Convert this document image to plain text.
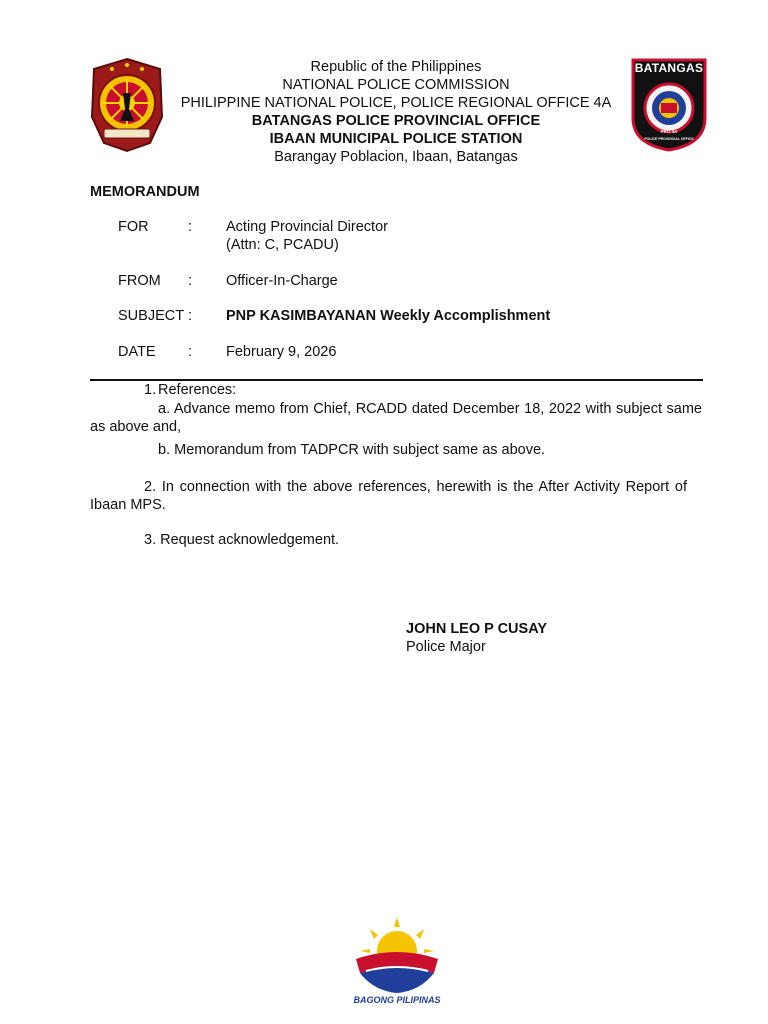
Republic of the Philippines
NATIONAL POLICE COMMISSION
PHILIPPINE NATIONAL POLICE, POLICE REGIONAL OFFICE 4A
BATANGAS POLICE PROVINCIAL OFFICE
IBAAN MUNICIPAL POLICE STATION
Barangay Poblacion, Ibaan, Batangas
BATANGAS
PRO 4A
POLICE PROVINCIAL OFFICE
MEMORANDUM
FOR	: Acting Provincial Director
(Attn: C, PCADU)
FROM : Officer-In-Charge
SUBJECT : PNP KASIMBAYANAN Weekly Accomplishment
DATE : February 9, 2026
1. References:
a. Advance memo from Chief, RCADD dated December 18, 2022 with subject same as above and,
b. Memorandum from TADPCR with subject same as above.
2. In connection with the above references, herewith is the After Activity Report of Ibaan MPS.
3. Request acknowledgement.
JOHN LEO P CUSAY
Police Major
BAGONG PILIPINAS
